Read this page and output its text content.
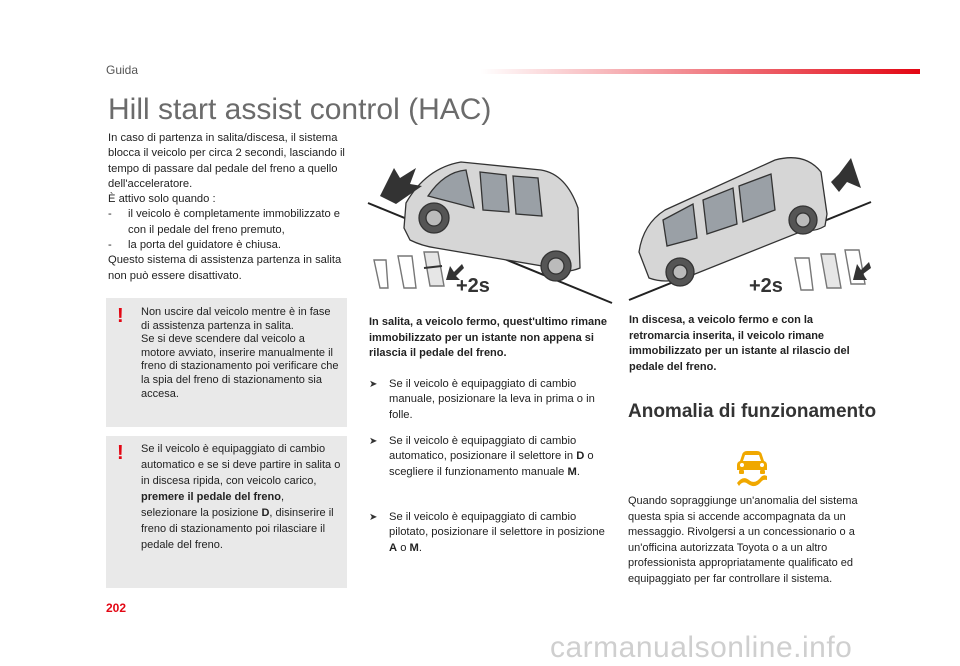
Guida
Hill start assist control (HAC)
In caso di partenza in salita/discesa, il sistema blocca il veicolo per circa 2 secondi, lasciando il tempo di passare dal pedale del freno a quello dell'acceleratore.
È attivo solo quando :
-	il veicolo è completamente immobilizzato e con il pedale del freno premuto,
-	la porta del guidatore è chiusa.
Questo sistema di assistenza partenza in salita non può essere disattivato.
! Non uscire dal veicolo mentre è in fase di assistenza partenza in salita.
Se si deve scendere dal veicolo a motore avviato, inserire manualmente il freno di stazionamento poi verificare che la spia del freno di stazionamento sia accesa.
! Se il veicolo è equipaggiato di cambio automatico e se si deve partire in salita o in discesa ripida, con veicolo carico, premere il pedale del freno, selezionare la posizione D, disinserire il freno di stazionamento poi rilasciare il pedale del freno.
+2s	+2s
In salita, a veicolo fermo, quest'ultimo rimane immobilizzato per un istante non appena si rilascia il pedale del freno.
In discesa, a veicolo fermo e con la retromarcia inserita, il veicolo rimane immobilizzato per un istante al rilascio del pedale del freno.
➤	Se il veicolo è equipaggiato di cambio manuale, posizionare la leva in prima o in folle.
➤	Se il veicolo è equipaggiato di cambio automatico, posizionare il selettore in D o scegliere il funzionamento manuale M.
➤	Se il veicolo è equipaggiato di cambio pilotato, posizionare il selettore in posizione A o M.
Anomalia di funzionamento
Quando sopraggiunge un'anomalia del sistema questa spia si accende accompagnata da un messaggio. Rivolgersi a un concessionario o a un'officina autorizzata Toyota o a un altro professionista appropriatamente qualificato ed equipaggiato per far controllare il sistema.
202
carmanualsonline.info
